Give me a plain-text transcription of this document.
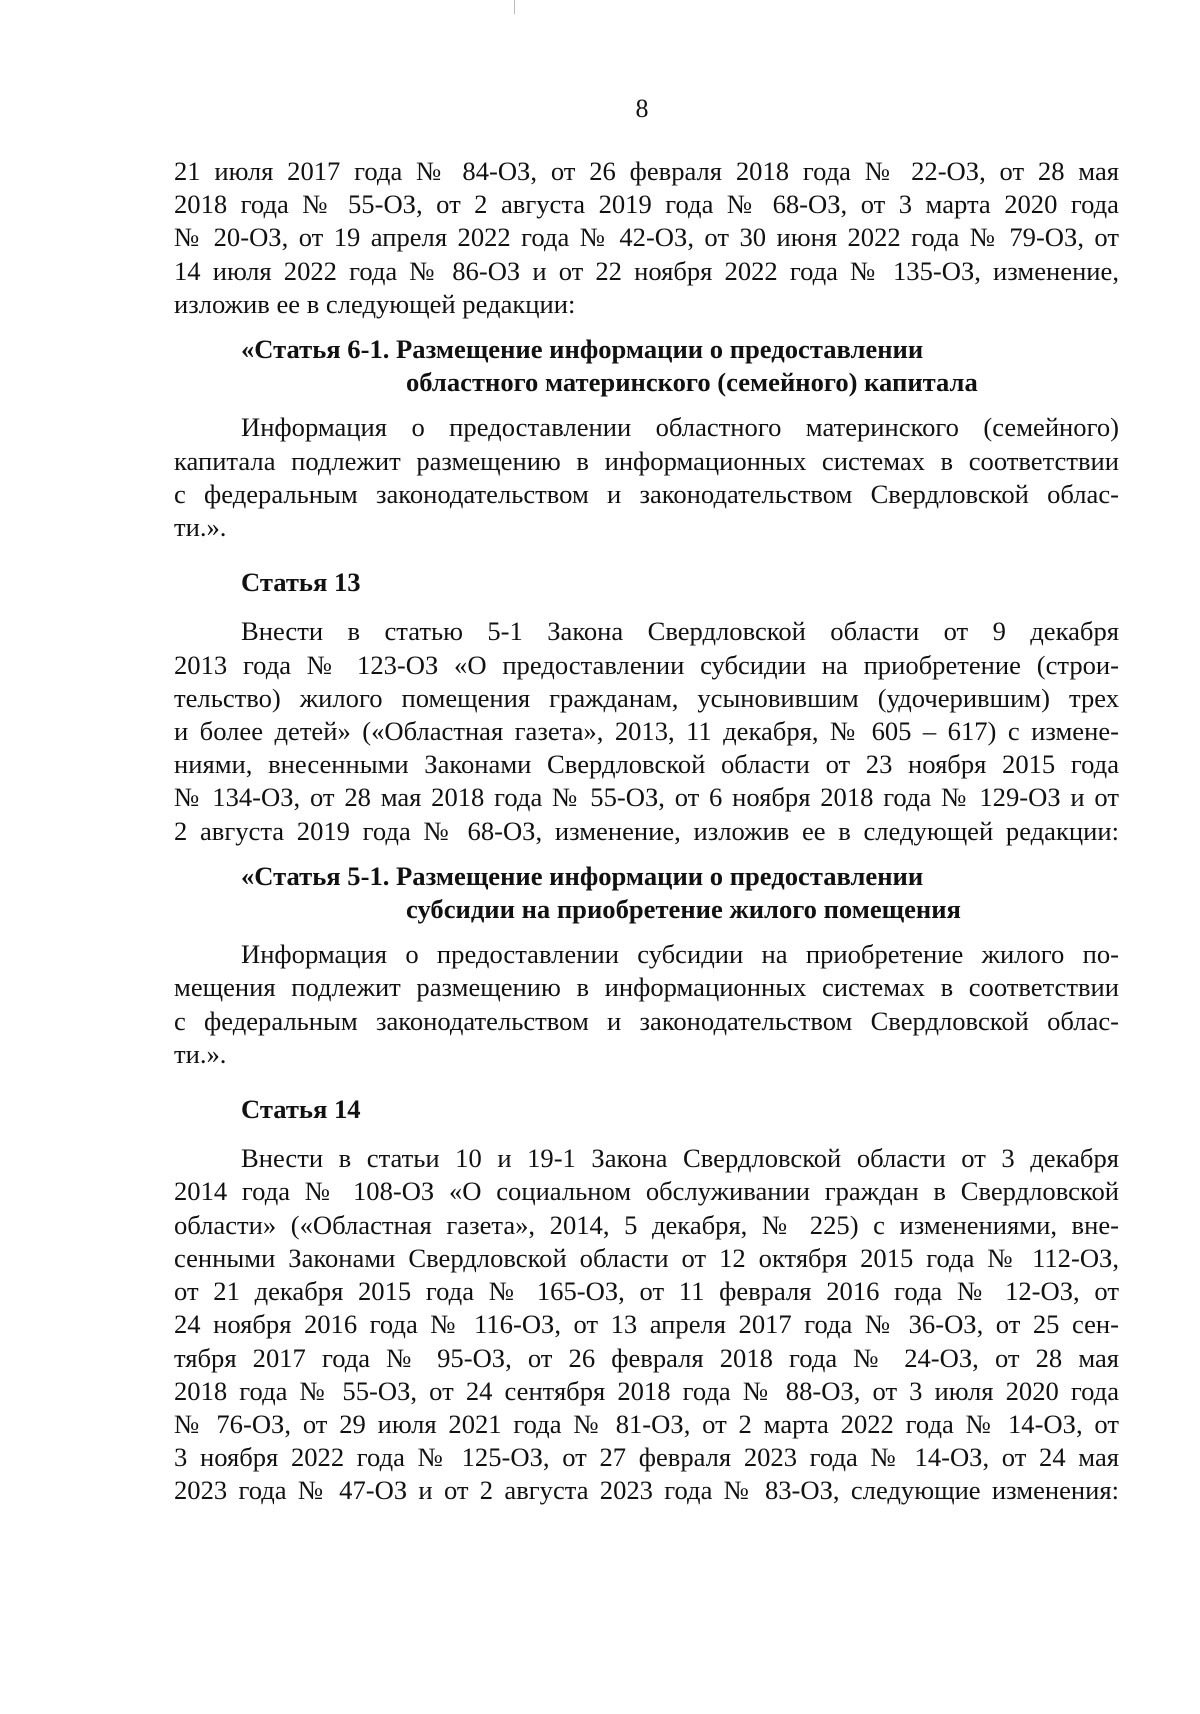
8
21 июля 2017 года № 84-ОЗ, от 26 февраля 2018 года № 22-ОЗ, от 28 мая
2018 года № 55-ОЗ, от 2 августа 2019 года № 68-ОЗ, от 3 марта 2020 года
№ 20-ОЗ, от 19 апреля 2022 года № 42-ОЗ, от 30 июня 2022 года № 79-ОЗ, от
14 июля 2022 года № 86-ОЗ и от 22 ноября 2022 года № 135-ОЗ, изменение,
изложив ее в следующей редакции:
«Статья 6-1. Размещение информации о предоставлении
областного материнского (семейного) капитала
Информация о предоставлении областного материнского (семейного)
капитала подлежит размещению в информационных системах в соответствии
с федеральным законодательством и законодательством Свердловской облас-
ти.».
Статья 13
Внести в статью 5-1 Закона Свердловской области от 9 декабря
2013 года № 123-ОЗ «О предоставлении субсидии на приобретение (строи-
тельство) жилого помещения гражданам, усыновившим (удочерившим) трех
и более детей» («Областная газета», 2013, 11 декабря, № 605 – 617) с измене-
ниями, внесенными Законами Свердловской области от 23 ноября 2015 года
№ 134-ОЗ, от 28 мая 2018 года № 55-ОЗ, от 6 ноября 2018 года № 129-ОЗ и от
2 августа 2019 года № 68-ОЗ, изменение, изложив ее в следующей редакции:
«Статья 5-1. Размещение информации о предоставлении
субсидии на приобретение жилого помещения
Информация о предоставлении субсидии на приобретение жилого по-
мещения подлежит размещению в информационных системах в соответствии
с федеральным законодательством и законодательством Свердловской облас-
ти.».
Статья 14
Внести в статьи 10 и 19-1 Закона Свердловской области от 3 декабря
2014 года № 108-ОЗ «О социальном обслуживании граждан в Свердловской
области» («Областная газета», 2014, 5 декабря, № 225) с изменениями, вне-
сенными Законами Свердловской области от 12 октября 2015 года № 112-ОЗ,
от 21 декабря 2015 года № 165-ОЗ, от 11 февраля 2016 года № 12-ОЗ, от
24 ноября 2016 года № 116-ОЗ, от 13 апреля 2017 года № 36-ОЗ, от 25 сен-
тября 2017 года № 95-ОЗ, от 26 февраля 2018 года № 24-ОЗ, от 28 мая
2018 года № 55-ОЗ, от 24 сентября 2018 года № 88-ОЗ, от 3 июля 2020 года
№ 76-ОЗ, от 29 июля 2021 года № 81-ОЗ, от 2 марта 2022 года № 14-ОЗ, от
3 ноября 2022 года № 125-ОЗ, от 27 февраля 2023 года № 14-ОЗ, от 24 мая
2023 года № 47-ОЗ и от 2 августа 2023 года № 83-ОЗ, следующие изменения:
